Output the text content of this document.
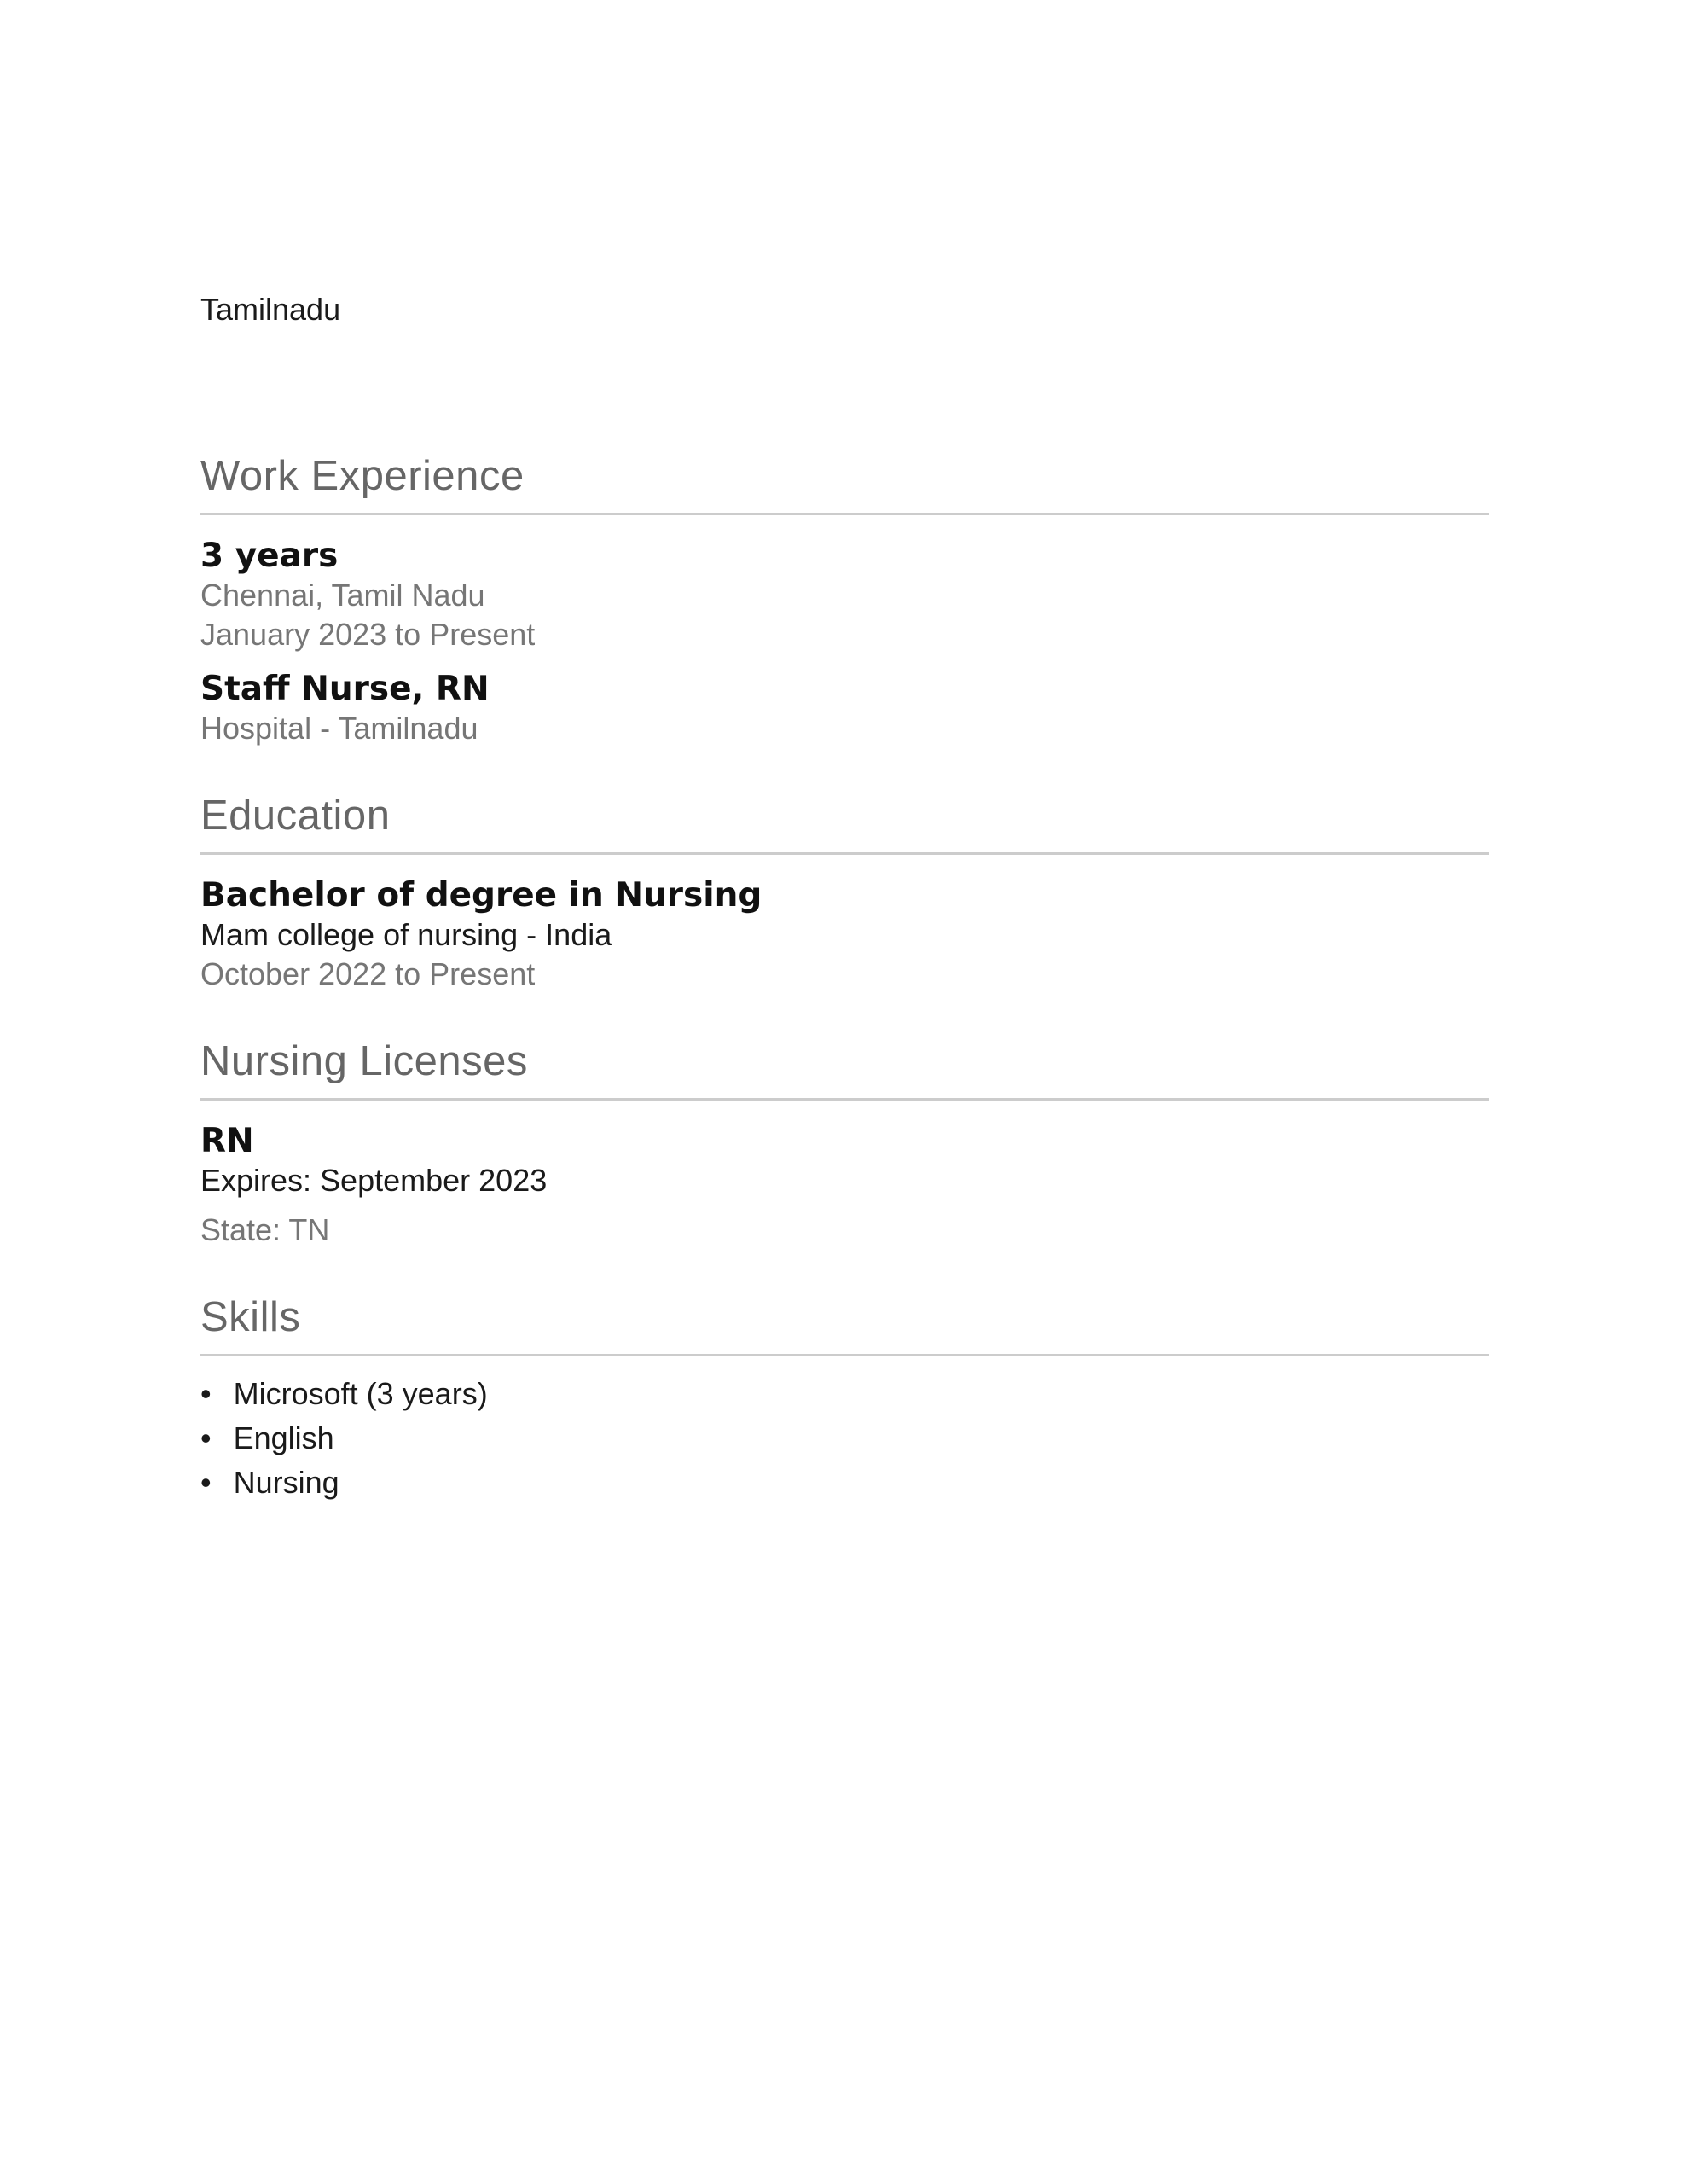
Tamilnadu

Work Experience

3 years

Chennai, Tamil Nadu

January 2023 to Present

Staff Nurse, RN

Hospital - Tamilnadu

Education

Bachelor of degree in Nursing

Mam college of nursing - India

October 2022 to Present

Nursing Licenses

RN

Expires: September 2023

State: TN

Skills
• Microsoft (3 years)
• English
• Nursing
